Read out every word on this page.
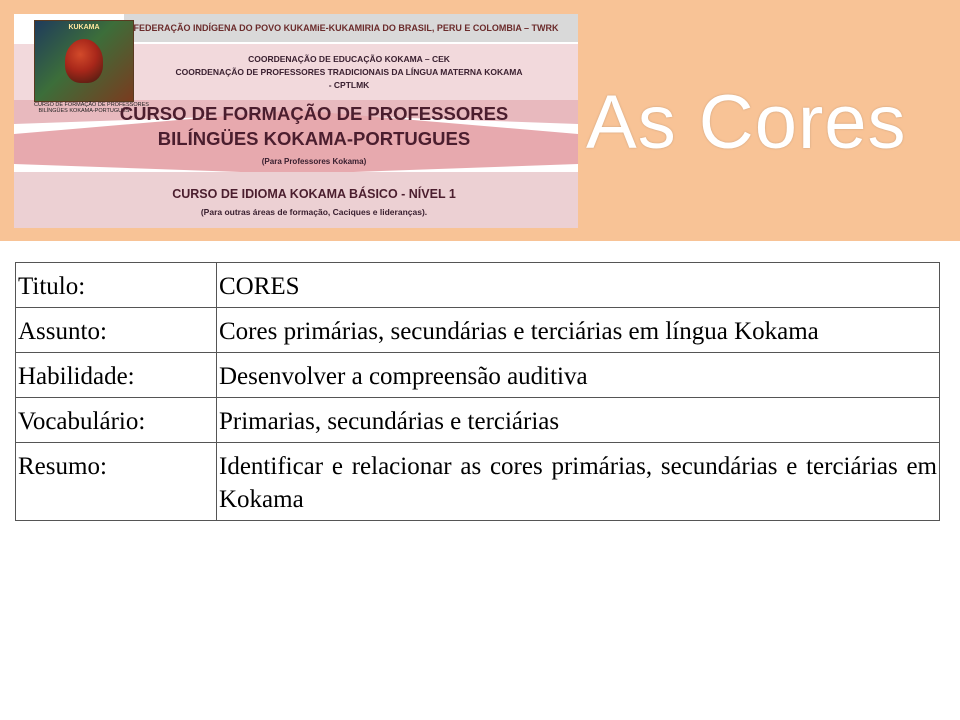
KUKAMA
CURSO DE FORMAÇÃO DE PROFESSORES
BILÍNGÜES KOKAMA-PORTUGUÊS
FEDERAÇÃO INDÍGENA DO POVO KUKAMiE-KUKAMIRIA DO BRASIL, PERU E COLOMBIA – TWRK
COORDENAÇÃO DE EDUCAÇÃO KOKAMA – CEK
COORDENAÇÃO DE PROFESSORES TRADICIONAIS DA LÍNGUA MATERNA KOKAMA
- CPTLMK
CURSO DE FORMAÇÃO DE PROFESSORES
BILÍNGÜES KOKAMA-PORTUGUES
(Para Professores Kokama)
CURSO DE IDIOMA KOKAMA BÁSICO - NÍVEL 1
(Para outras áreas de formação, Caciques e lideranças).
As Cores
Titulo:	CORES
Assunto:	Cores primárias, secundárias e terciárias em língua Kokama
Habilidade:	Desenvolver a compreensão auditiva
Vocabulário:	Primarias, secundárias e terciárias
Resumo:	Identificar e relacionar as cores primárias, secundárias e terciárias em Kokama
